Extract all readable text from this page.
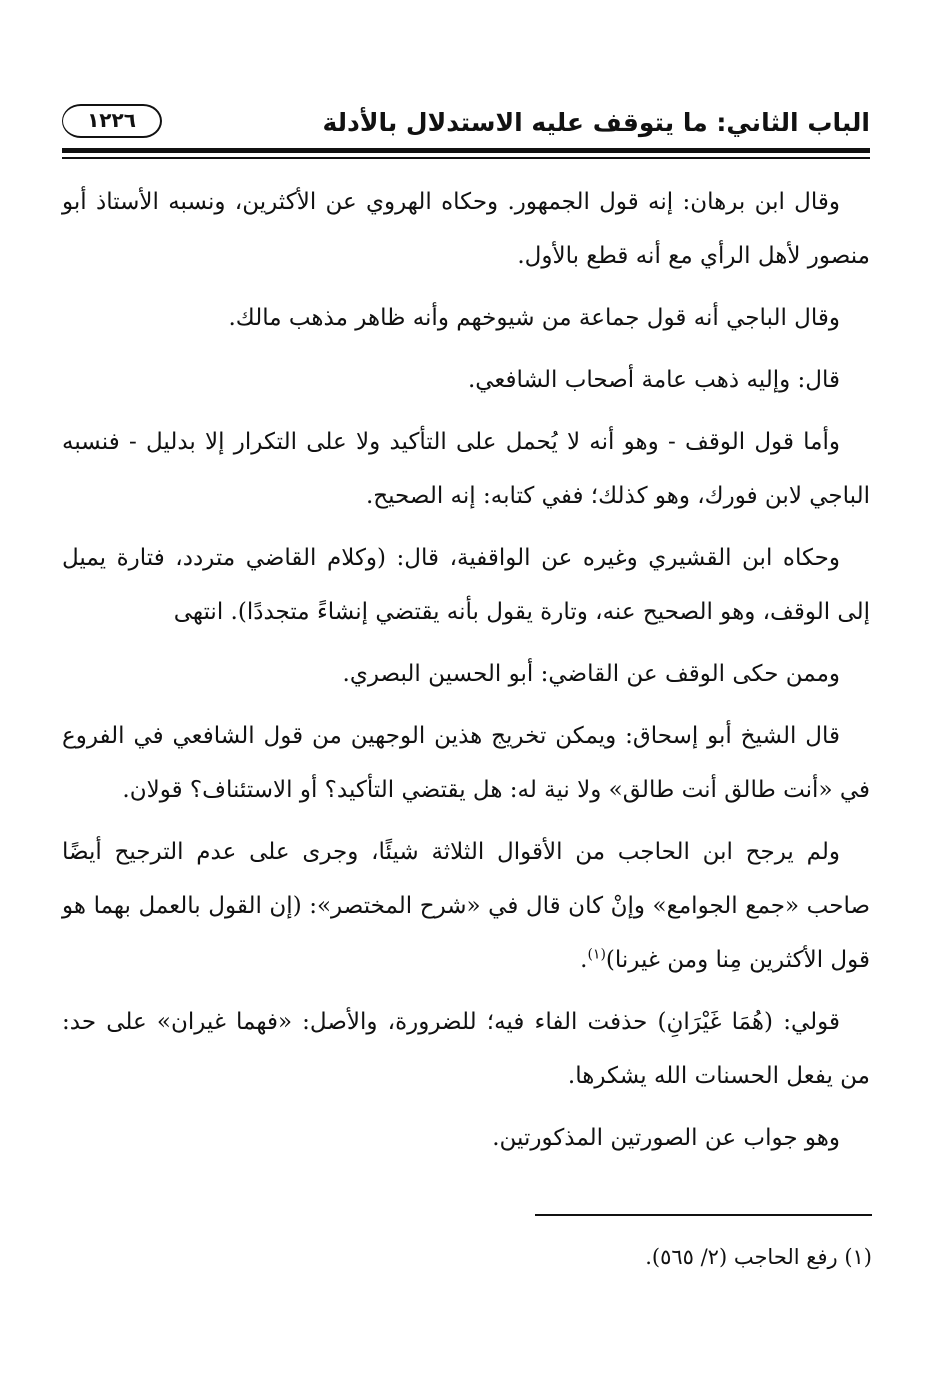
الباب الثاني: ما يتوقف عليه الاستدلال بالأدلة
١٢٢٦

وقال ابن برهان: إنه قول الجمهور. وحكاه الهروي عن الأكثرين، ونسبه الأستاذ أبو منصور لأهل الرأي مع أنه قطع بالأول.

وقال الباجي أنه قول جماعة من شيوخهم وأنه ظاهر مذهب مالك.

قال: وإليه ذهب عامة أصحاب الشافعي.

وأما قول الوقف - وهو أنه لا يُحمل على التأكيد ولا على التكرار إلا بدليل - فنسبه الباجي لابن فورك، وهو كذلك؛ ففي كتابه: إنه الصحيح.

وحكاه ابن القشيري وغيره عن الواقفية، قال: (وكلام القاضي متردد، فتارة يميل إلى الوقف، وهو الصحيح عنه، وتارة يقول بأنه يقتضي إنشاءً متجددًا). انتهى

وممن حكى الوقف عن القاضي: أبو الحسين البصري.

قال الشيخ أبو إسحاق: ويمكن تخريج هذين الوجهين من قول الشافعي في الفروع في «أنت طالق أنت طالق» ولا نية له: هل يقتضي التأكيد؟ أو الاستئناف؟ قولان.

ولم يرجح ابن الحاجب من الأقوال الثلاثة شيئًا، وجرى على عدم الترجيح أيضًا صاحب «جمع الجوامع» وإنْ كان قال في «شرح المختصر»: (إن القول بالعمل بهما هو قول الأكثرين مِنا ومن غيرنا)$^{(١)}$.

قولي: (هُمَا غَيْرَانِ) حذفت الفاء فيه؛ للضرورة، والأصل: «فهما غيران» على حد: من يفعل الحسنات الله يشكرها.

وهو جواب عن الصورتين المذكورتين.

(١) رفع الحاجب (٢/ ٥٦٥).
